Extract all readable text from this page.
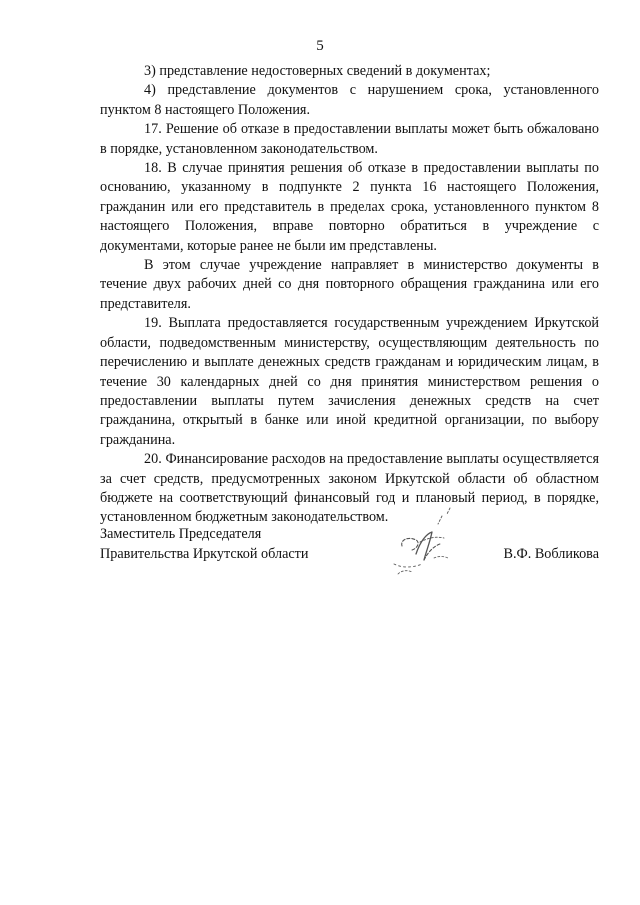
5

3) представление недостоверных сведений в документах;

4) представление документов с нарушением срока, установленного пунктом 8 настоящего Положения.

17. Решение об отказе в предоставлении выплаты может быть обжаловано в порядке, установленном законодательством.

18. В случае принятия решения об отказе в предоставлении выплаты по основанию, указанному в подпункте 2 пункта 16 настоящего Положения, гражданин или его представитель в пределах срока, установленного пунктом 8 настоящего Положения, вправе повторно обратиться в учреждение с документами, которые ранее не были им представлены.

В этом случае учреждение направляет в министерство документы в течение двух рабочих дней со дня повторного обращения гражданина или его представителя.

19. Выплата предоставляется государственным учреждением Иркутской области, подведомственным министерству, осуществляющим деятельность по перечислению и выплате денежных средств гражданам и юридическим лицам, в течение 30 календарных дней со дня принятия министерством решения о предоставлении выплаты путем зачисления денежных средств на счет гражданина, открытый в банке или иной кредитной организации, по выбору гражданина.

20. Финансирование расходов на предоставление выплаты осуществляется за счет средств, предусмотренных законом Иркутской области об областном бюджете на соответствующий финансовый год и плановый период, в порядке, установленном бюджетным законодательством.

Заместитель Председателя
Правительства Иркутской области	В.Ф. Вобликова
